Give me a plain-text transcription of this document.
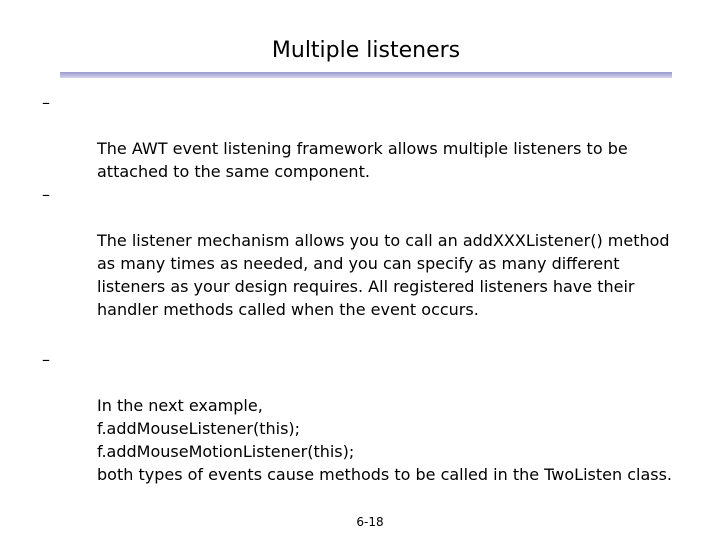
Multiple listeners

–

The AWT event listening framework allows multiple listeners to be
attached to the same component.

–

The listener mechanism allows you to call an addXXXListener() method
as many times as needed, and you can specify as many different
listeners as your design requires. All registered listeners have their
handler methods called when the event occurs.

–

In the next example,
f.addMouseListener(this);
f.addMouseMotionListener(this);
both types of events cause methods to be called in the TwoListen class.

6-18
